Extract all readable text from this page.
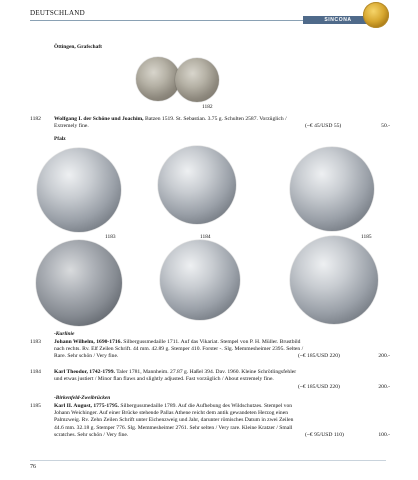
DEUTSCHLAND
SINCONA
Öttingen, Grafschaft
1182
1182	Wolfgang I. der Schöne und Joachim, Batzen 1519. St. Sebastian. 3.75 g. Schulten 2587. Vorzüglich /
Extremely fine.	(~€ 45/USD 55)	50.-
Pfalz
1183	1184	1185
-Kurlinie
1183	Johann Wilhelm, 1690-1716. Silbergussmedaille 1711. Auf das Vikariat. Stempel von P. H. Müller. Brustbild
nach rechts. Rv. Elf Zeilen Schrift. 44 mm. 42.89 g. Stemper 410. Forster -. Slg. Memmesheimer 2395. Selten /
Rare. Sehr schön / Very fine.	(~€ 185/USD 220)	200.-
1184	Karl Theodor, 1742-1799. Taler 1781, Mannheim. 27.87 g. Haßel 394. Dav. 1960. Kleine Schrötlingsfehler
und etwas justiert / Minor flan flaws and slightly adjusted. Fast vorzüglich / About extremely fine.
(~€ 185/USD 220)	200.-
-Birkenfeld-Zweibrücken
1185	Karl II. August, 1775-1795. Silbergussmedaille 1789. Auf die Aufhebung des Wildschutzes. Stempel von
Johann Weichinger. Auf einer Brücke stehende Pallas Athene reicht dem antik gewandeten Herzog einen
Palmzweig. Rv. Zehn Zeilen Schrift unter Eichenzweig und Jahr, darunter römisches Datum in zwei Zeilen
44.6 mm. 32.18 g. Stemper 776. Slg. Memmesheimer 2761. Sehr selten / Very rare. Kleine Kratzer / Small
scratches. Sehr schön / Very fine.	(~€ 95/USD 110)	100.-
76
